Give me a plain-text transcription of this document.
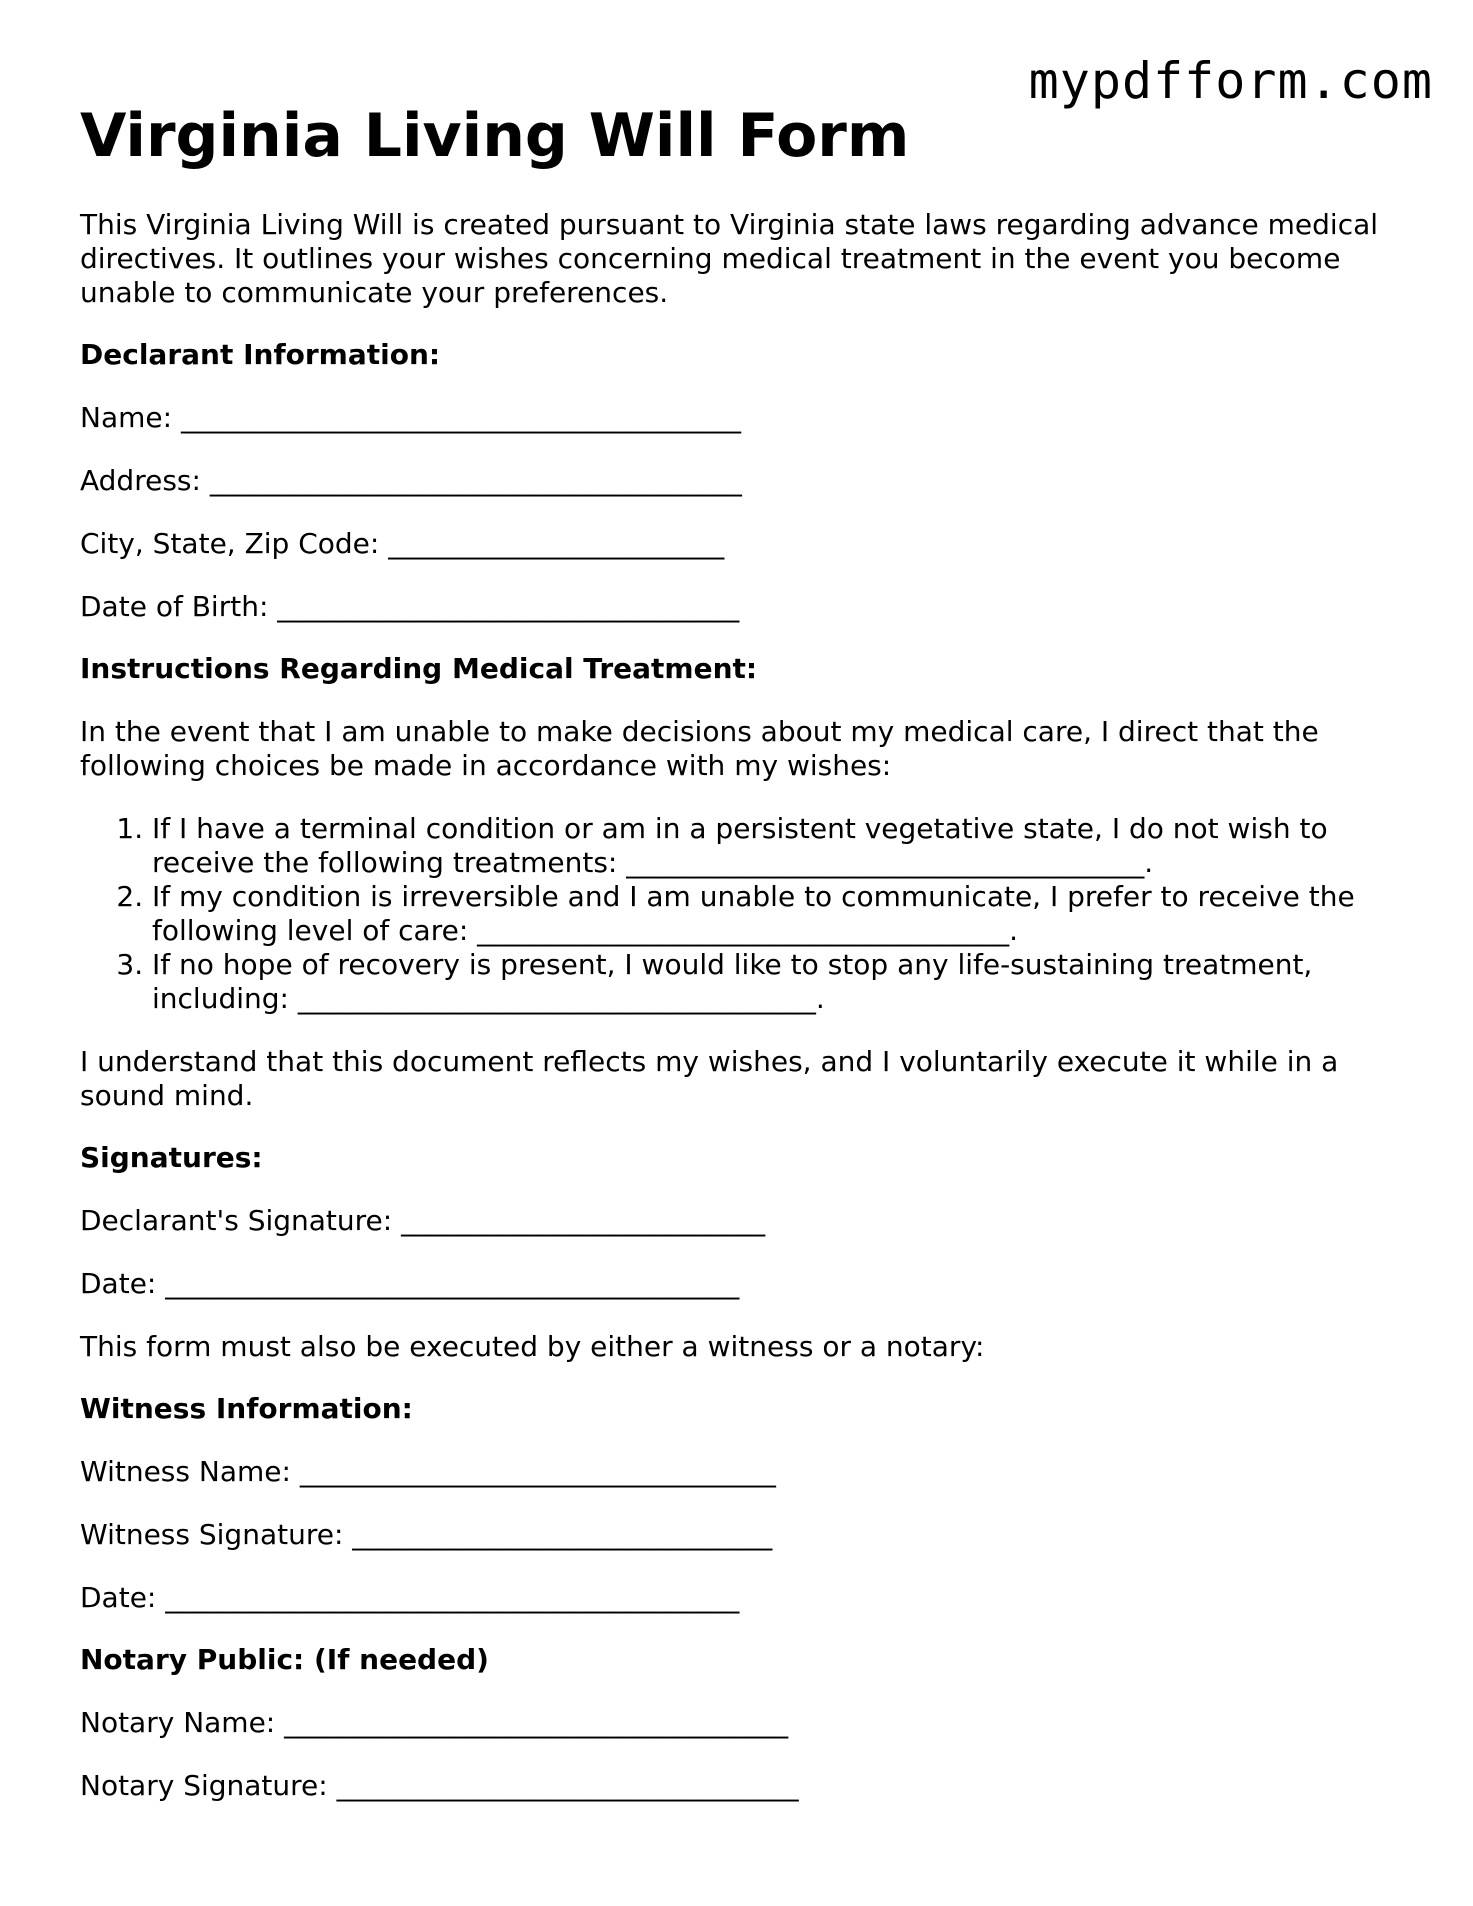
mypdfform.com
Virginia Living Will Form

This Virginia Living Will is created pursuant to Virginia state laws regarding advance medical directives. It outlines your wishes concerning medical treatment in the event you become unable to communicate your preferences.

Declarant Information:

Name: ________________________________________

Address: ______________________________________

City, State, Zip Code: ________________________

Date of Birth: _________________________________

Instructions Regarding Medical Treatment:

In the event that I am unable to make decisions about my medical care, I direct that the following choices be made in accordance with my wishes:

1. If I have a terminal condition or am in a persistent vegetative state, I do not wish to receive the following treatments: _____________________________________.
2. If my condition is irreversible and I am unable to communicate, I prefer to receive the following level of care: ______________________________________.
3. If no hope of recovery is present, I would like to stop any life-sustaining treatment, including: _____________________________________.

I understand that this document reflects my wishes, and I voluntarily execute it while in a sound mind.

Signatures:

Declarant's Signature: __________________________

Date: _________________________________________

This form must also be executed by either a witness or a notary:

Witness Information:

Witness Name: __________________________________

Witness Signature: ______________________________

Date: _________________________________________

Notary Public: (If needed)

Notary Name: ____________________________________

Notary Signature: _________________________________
